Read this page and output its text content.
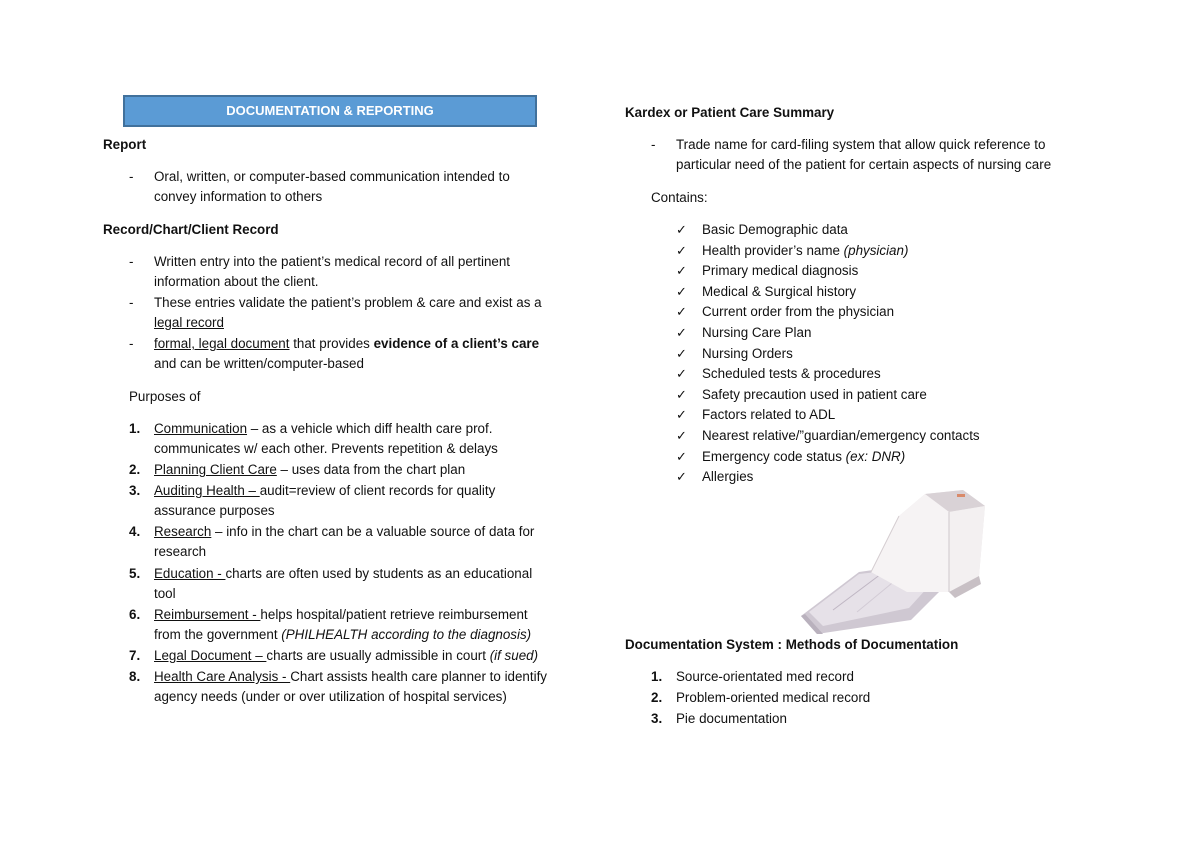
DOCUMENTATION & REPORTING
Report
- Oral, written, or computer-based communication intended to
convey information to others
Record/Chart/Client Record
- Written entry into the patient’s medical record of all pertinent
information about the client.
- These entries validate the patient’s problem & care and exist as a
legal record
- formal, legal document that provides evidence of a client’s care
and can be written/computer-based
Purposes of
1. Communication – as a vehicle which diff health care prof.
communicates w/ each other. Prevents repetition & delays
2. Planning Client Care – uses data from the chart plan
3. Auditing Health – audit=review of client records for quality
assurance purposes
4. Research – info in the chart can be a valuable source of data for
research
5. Education - charts are often used by students as an educational
tool
6. Reimbursement - helps hospital/patient retrieve reimbursement
from the government (PHILHEALTH according to the diagnosis)
7. Legal Document – charts are usually admissible in court (if sued)
8. Health Care Analysis - Chart assists health care planner to identify
agency needs (under or over utilization of hospital services)
Kardex or Patient Care Summary
- Trade name for card-filing system that allow quick reference to
particular need of the patient for certain aspects of nursing care
Contains:
✓ Basic Demographic data
✓ Health provider’s name (physician)
✓ Primary medical diagnosis
✓ Medical & Surgical history
✓ Current order from the physician
✓ Nursing Care Plan
✓ Nursing Orders
✓ Scheduled tests & procedures
✓ Safety precaution used in patient care
✓ Factors related to ADL
✓ Nearest relative/”guardian/emergency contacts
✓ Emergency code status (ex: DNR)
✓ Allergies
Documentation System : Methods of Documentation
1. Source-orientated med record
2. Problem-oriented medical record
3. Pie documentation
